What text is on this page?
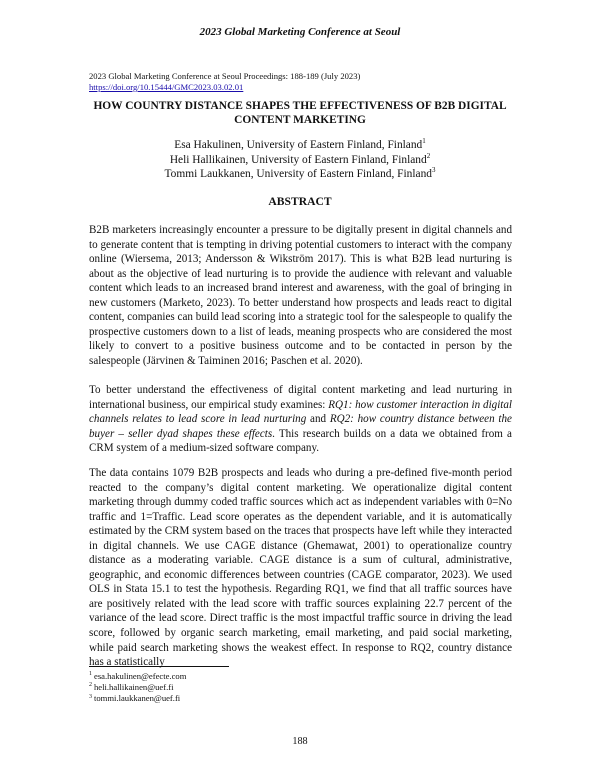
2023 Global Marketing Conference at Seoul
2023 Global Marketing Conference at Seoul Proceedings: 188-189 (July 2023)
https://doi.org/10.15444/GMC2023.03.02.01
HOW COUNTRY DISTANCE SHAPES THE EFFECTIVENESS OF B2B DIGITAL CONTENT MARKETING
Esa Hakulinen, University of Eastern Finland, Finland$^1$
Heli Hallikainen, University of Eastern Finland, Finland$^2$
Tommi Laukkanen, University of Eastern Finland, Finland$^3$
ABSTRACT

B2B marketers increasingly encounter a pressure to be digitally present in digital channels and to generate content that is tempting in driving potential customers to interact with the company online (Wiersema, 2013; Andersson & Wikström 2017). This is what B2B lead nurturing is about as the objective of lead nurturing is to provide the audience with relevant and valuable content which leads to an increased brand interest and awareness, with the goal of bringing in new customers (Marketo, 2023). To better understand how prospects and leads react to digital content, companies can build lead scoring into a strategic tool for the salespeople to qualify the prospective customers down to a list of leads, meaning prospects who are considered the most likely to convert to a positive business outcome and to be contacted in person by the salespeople (Järvinen & Taiminen 2016; Paschen et al. 2020).

To better understand the effectiveness of digital content marketing and lead nurturing in international business, our empirical study examines: RQ1: how customer interaction in digital channels relates to lead score in lead nurturing and RQ2: how country distance between the buyer – seller dyad shapes these effects. This research builds on a data we obtained from a CRM system of a medium-sized software company.

The data contains 1079 B2B prospects and leads who during a pre-defined five-month period reacted to the company’s digital content marketing. We operationalize digital content marketing through dummy coded traffic sources which act as independent variables with 0=No traffic and 1=Traffic. Lead score operates as the dependent variable, and it is automatically estimated by the CRM system based on the traces that prospects have left while they interacted in digital channels. We use CAGE distance (Ghemawat, 2001) to operationalize country distance as a moderating variable. CAGE distance is a sum of cultural, administrative, geographic, and economic differences between countries (CAGE comparator, 2023). We used OLS in Stata 15.1 to test the hypothesis. Regarding RQ1, we find that all traffic sources have are positively related with the lead score with traffic sources explaining 22.7 percent of the variance of the lead score. Direct traffic is the most impactful traffic source in driving the lead score, followed by organic search marketing, email marketing, and paid social marketing, while paid search marketing shows the weakest effect. In response to RQ2, country distance has a statistically

$^1$ esa.hakulinen@efecte.com
$^2$ heli.hallikainen@uef.fi
$^3$ tommi.laukkanen@uef.fi
188
